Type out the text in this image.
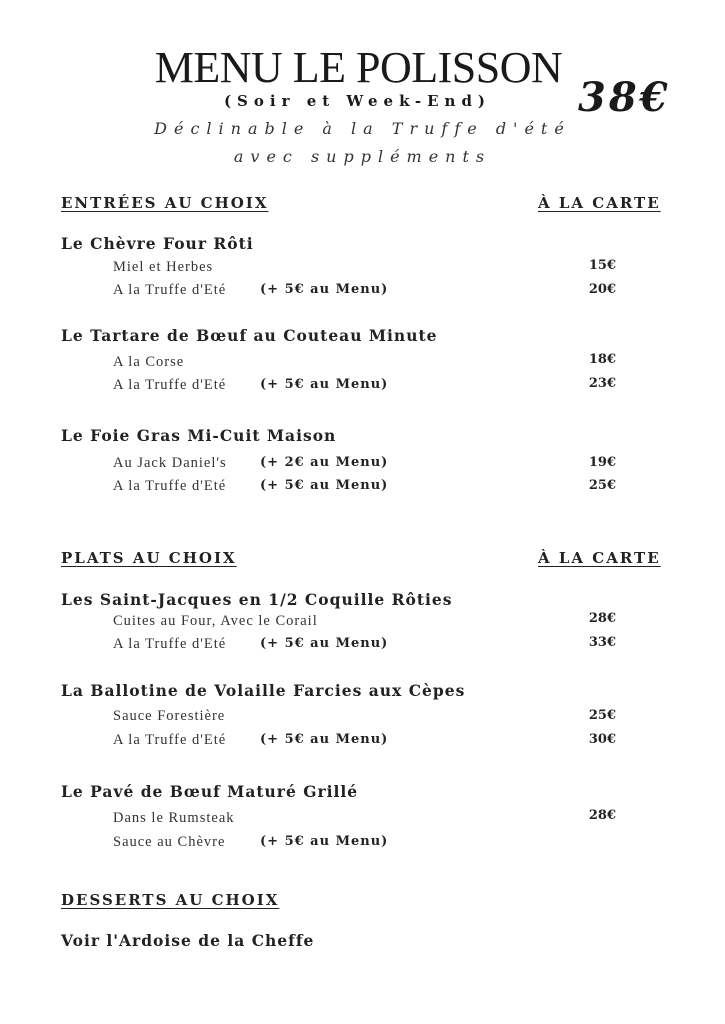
MENU LE POLISSON
38€
(Soir et Week-End)
Déclinable à la Truffe d'été
avec suppléments
ENTRÉES AU CHOIX	À LA CARTE
Le Chèvre Four Rôti
Miel et Herbes	15€
A la Truffe d'Eté	(+ 5€ au Menu)	20€
Le Tartare de Bœuf au Couteau Minute
A la Corse	18€
A la Truffe d'Eté	(+ 5€ au Menu)	23€
Le Foie Gras Mi-Cuit Maison
Au Jack Daniel's	(+ 2€ au Menu)	19€
A la Truffe d'Eté	(+ 5€ au Menu)	25€
PLATS AU CHOIX	À LA CARTE
Les Saint-Jacques en 1/2 Coquille Rôties
Cuites au Four, Avec le Corail	28€
A la Truffe d'Eté	(+ 5€ au Menu)	33€
La Ballotine de Volaille Farcies aux Cèpes
Sauce Forestière	25€
A la Truffe d'Eté	(+ 5€ au Menu)	30€
Le Pavé de Bœuf Maturé Grillé
Dans le Rumsteak	28€
Sauce au Chèvre	(+ 5€ au Menu)
DESSERTS AU CHOIX
Voir l'Ardoise de la Cheffe
